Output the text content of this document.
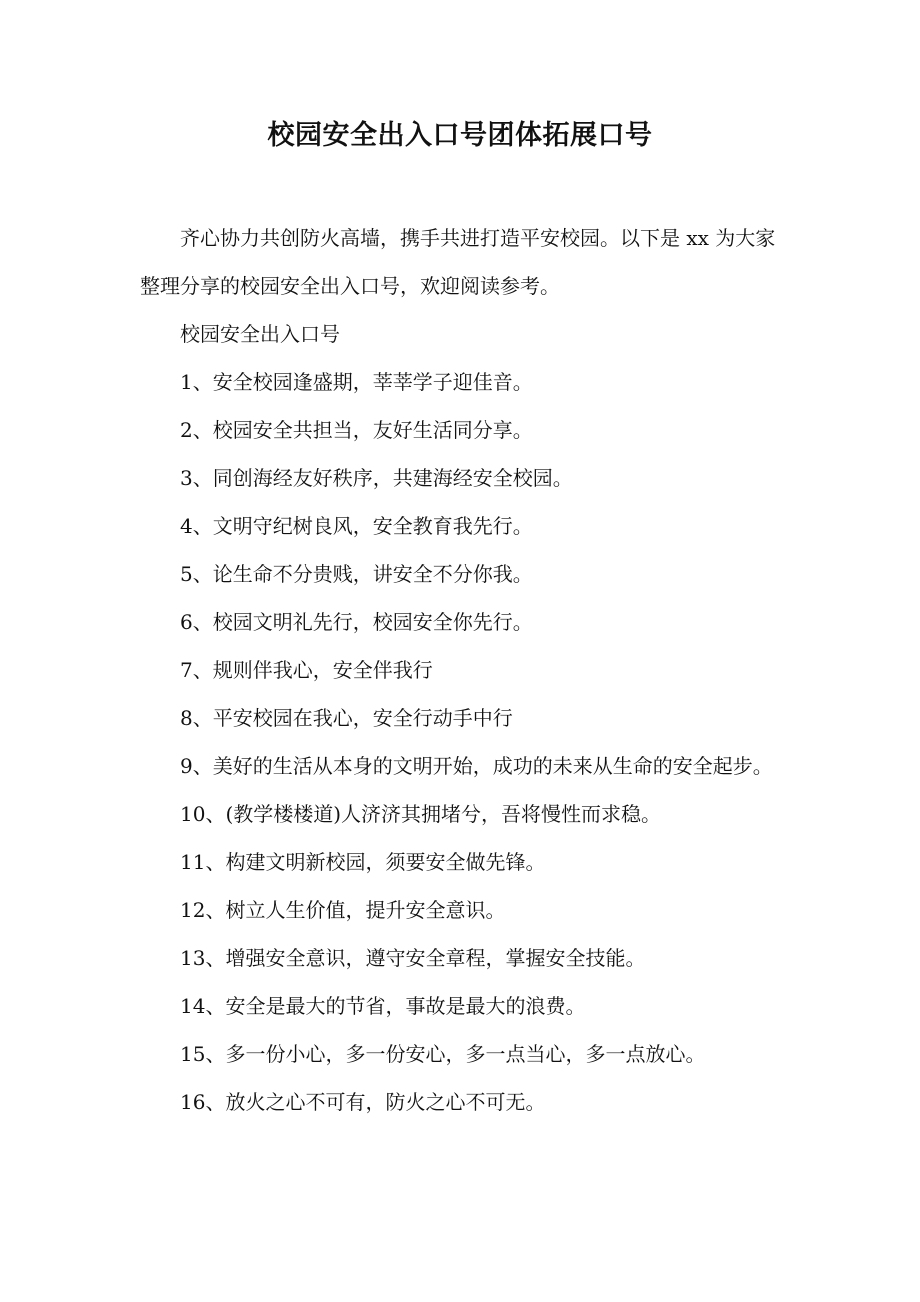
校园安全出入口号团体拓展口号

齐心协力共创防火高墙，携手共进打造平安校园。以下是 xx 为大家整理分享的校园安全出入口号，欢迎阅读参考。

校园安全出入口号

1、安全校园逢盛期，莘莘学子迎佳音。

2、校园安全共担当，友好生活同分享。

3、同创海经友好秩序，共建海经安全校园。

4、文明守纪树良风，安全教育我先行。

5、论生命不分贵贱，讲安全不分你我。

6、校园文明礼先行，校园安全你先行。

7、规则伴我心，安全伴我行

8、平安校园在我心，安全行动手中行

9、美好的生活从本身的文明开始，成功的未来从生命的安全起步。

10、(教学楼楼道)人济济其拥堵兮，吾将慢性而求稳。

11、构建文明新校园，须要安全做先锋。

12、树立人生价值，提升安全意识。

13、增强安全意识，遵守安全章程，掌握安全技能。

14、安全是最大的节省，事故是最大的浪费。

15、多一份小心，多一份安心，多一点当心，多一点放心。

16、放火之心不可有，防火之心不可无。
